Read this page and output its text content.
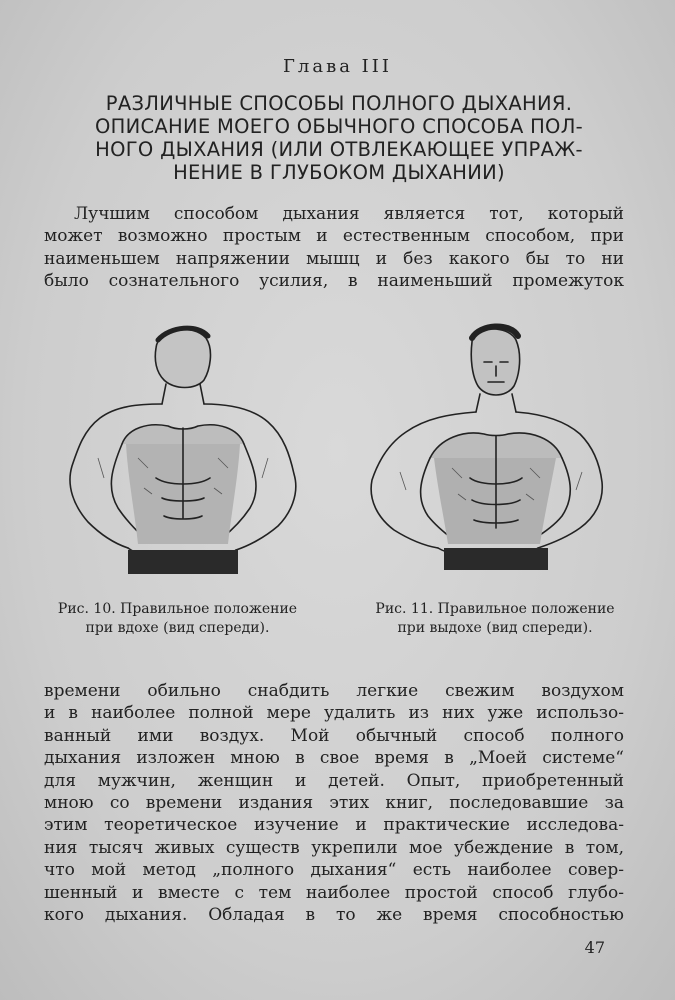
Глава III
РАЗЛИЧНЫЕ СПОСОБЫ ПОЛНОГО ДЫХАНИЯ.
ОПИСАНИЕ МОЕГО ОБЫЧНОГО СПОСОБА ПОЛ-
НОГО ДЫХАНИЯ (ИЛИ ОТВЛЕКАЮЩЕЕ УПРАЖ-
НЕНИЕ В ГЛУБОКОМ ДЫХАНИИ)

Лучшим способом дыхания является тот, который
может возможно простым и естественным способом, при
наименьшем напряжении мышц и без какого бы то ни
было сознательного усилия, в наименьший промежуток

Рис. 10. Правильное положение
при вдохе (вид спереди).
Рис. 11. Правильное положение
при выдохе (вид спереди).

времени обильно снабдить легкие свежим воздухом
и в наиболее полной мере удалить из них уже использо-
ванный ими воздух. Мой обычный способ полного
дыхания изложен мною в свое время в „Моей системе“
для мужчин, женщин и детей. Опыт, приобретенный
мною со времени издания этих книг, последовавшие за
этим теоретическое изучение и практические исследова-
ния тысяч живых существ укрепили мое убеждение в том,
что мой метод „полного дыхания“ есть наиболее совер-
шенный и вместе с тем наиболее простой способ глубо-
кого дыхания. Обладая в то же время способностью

47
